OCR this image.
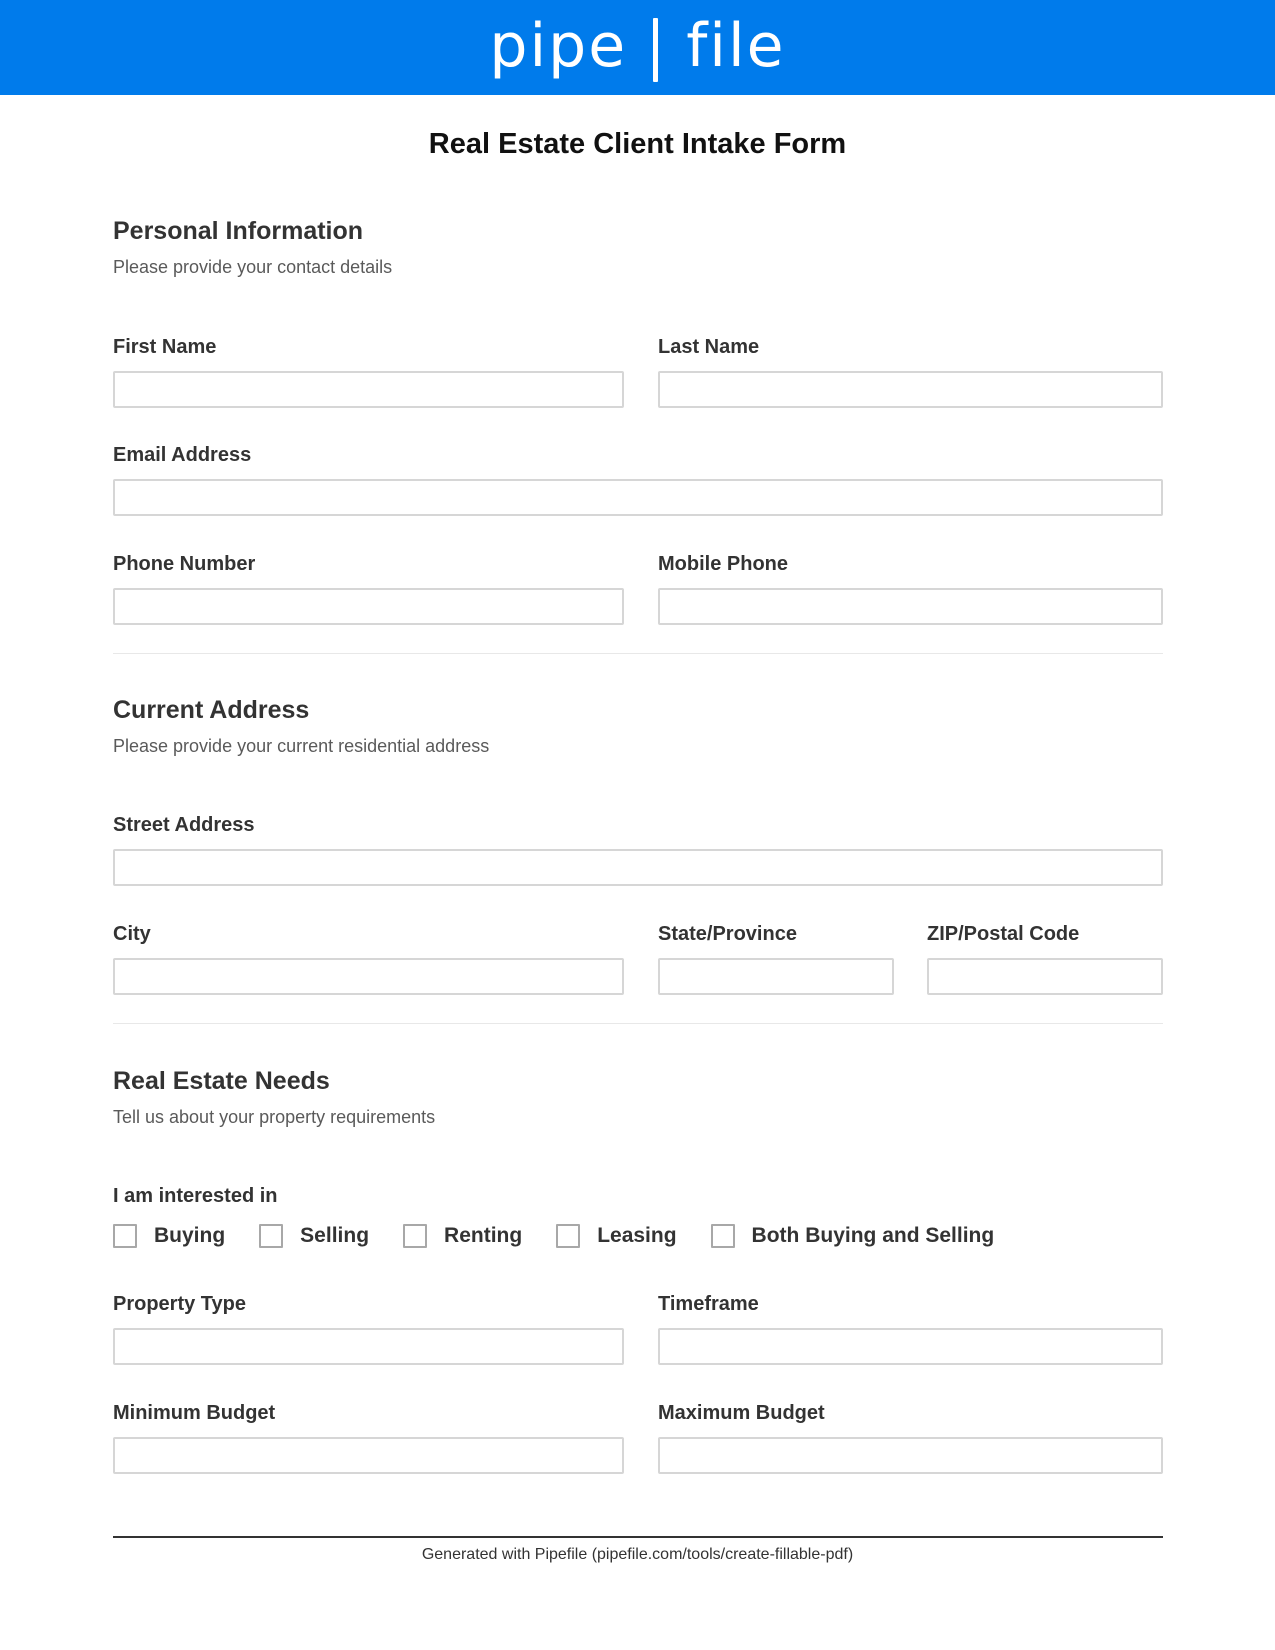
pipe file
Real Estate Client Intake Form
Personal Information
Please provide your contact details
First Name	Last Name
Email Address
Phone Number	Mobile Phone
Current Address
Please provide your current residential address
Street Address
City	State/Province	ZIP/Postal Code
Real Estate Needs
Tell us about your property requirements
I am interested in
Buying	Selling	Renting	Leasing	Both Buying and Selling
Property Type	Timeframe
Minimum Budget	Maximum Budget
Generated with Pipefile (pipefile.com/tools/create-fillable-pdf)
